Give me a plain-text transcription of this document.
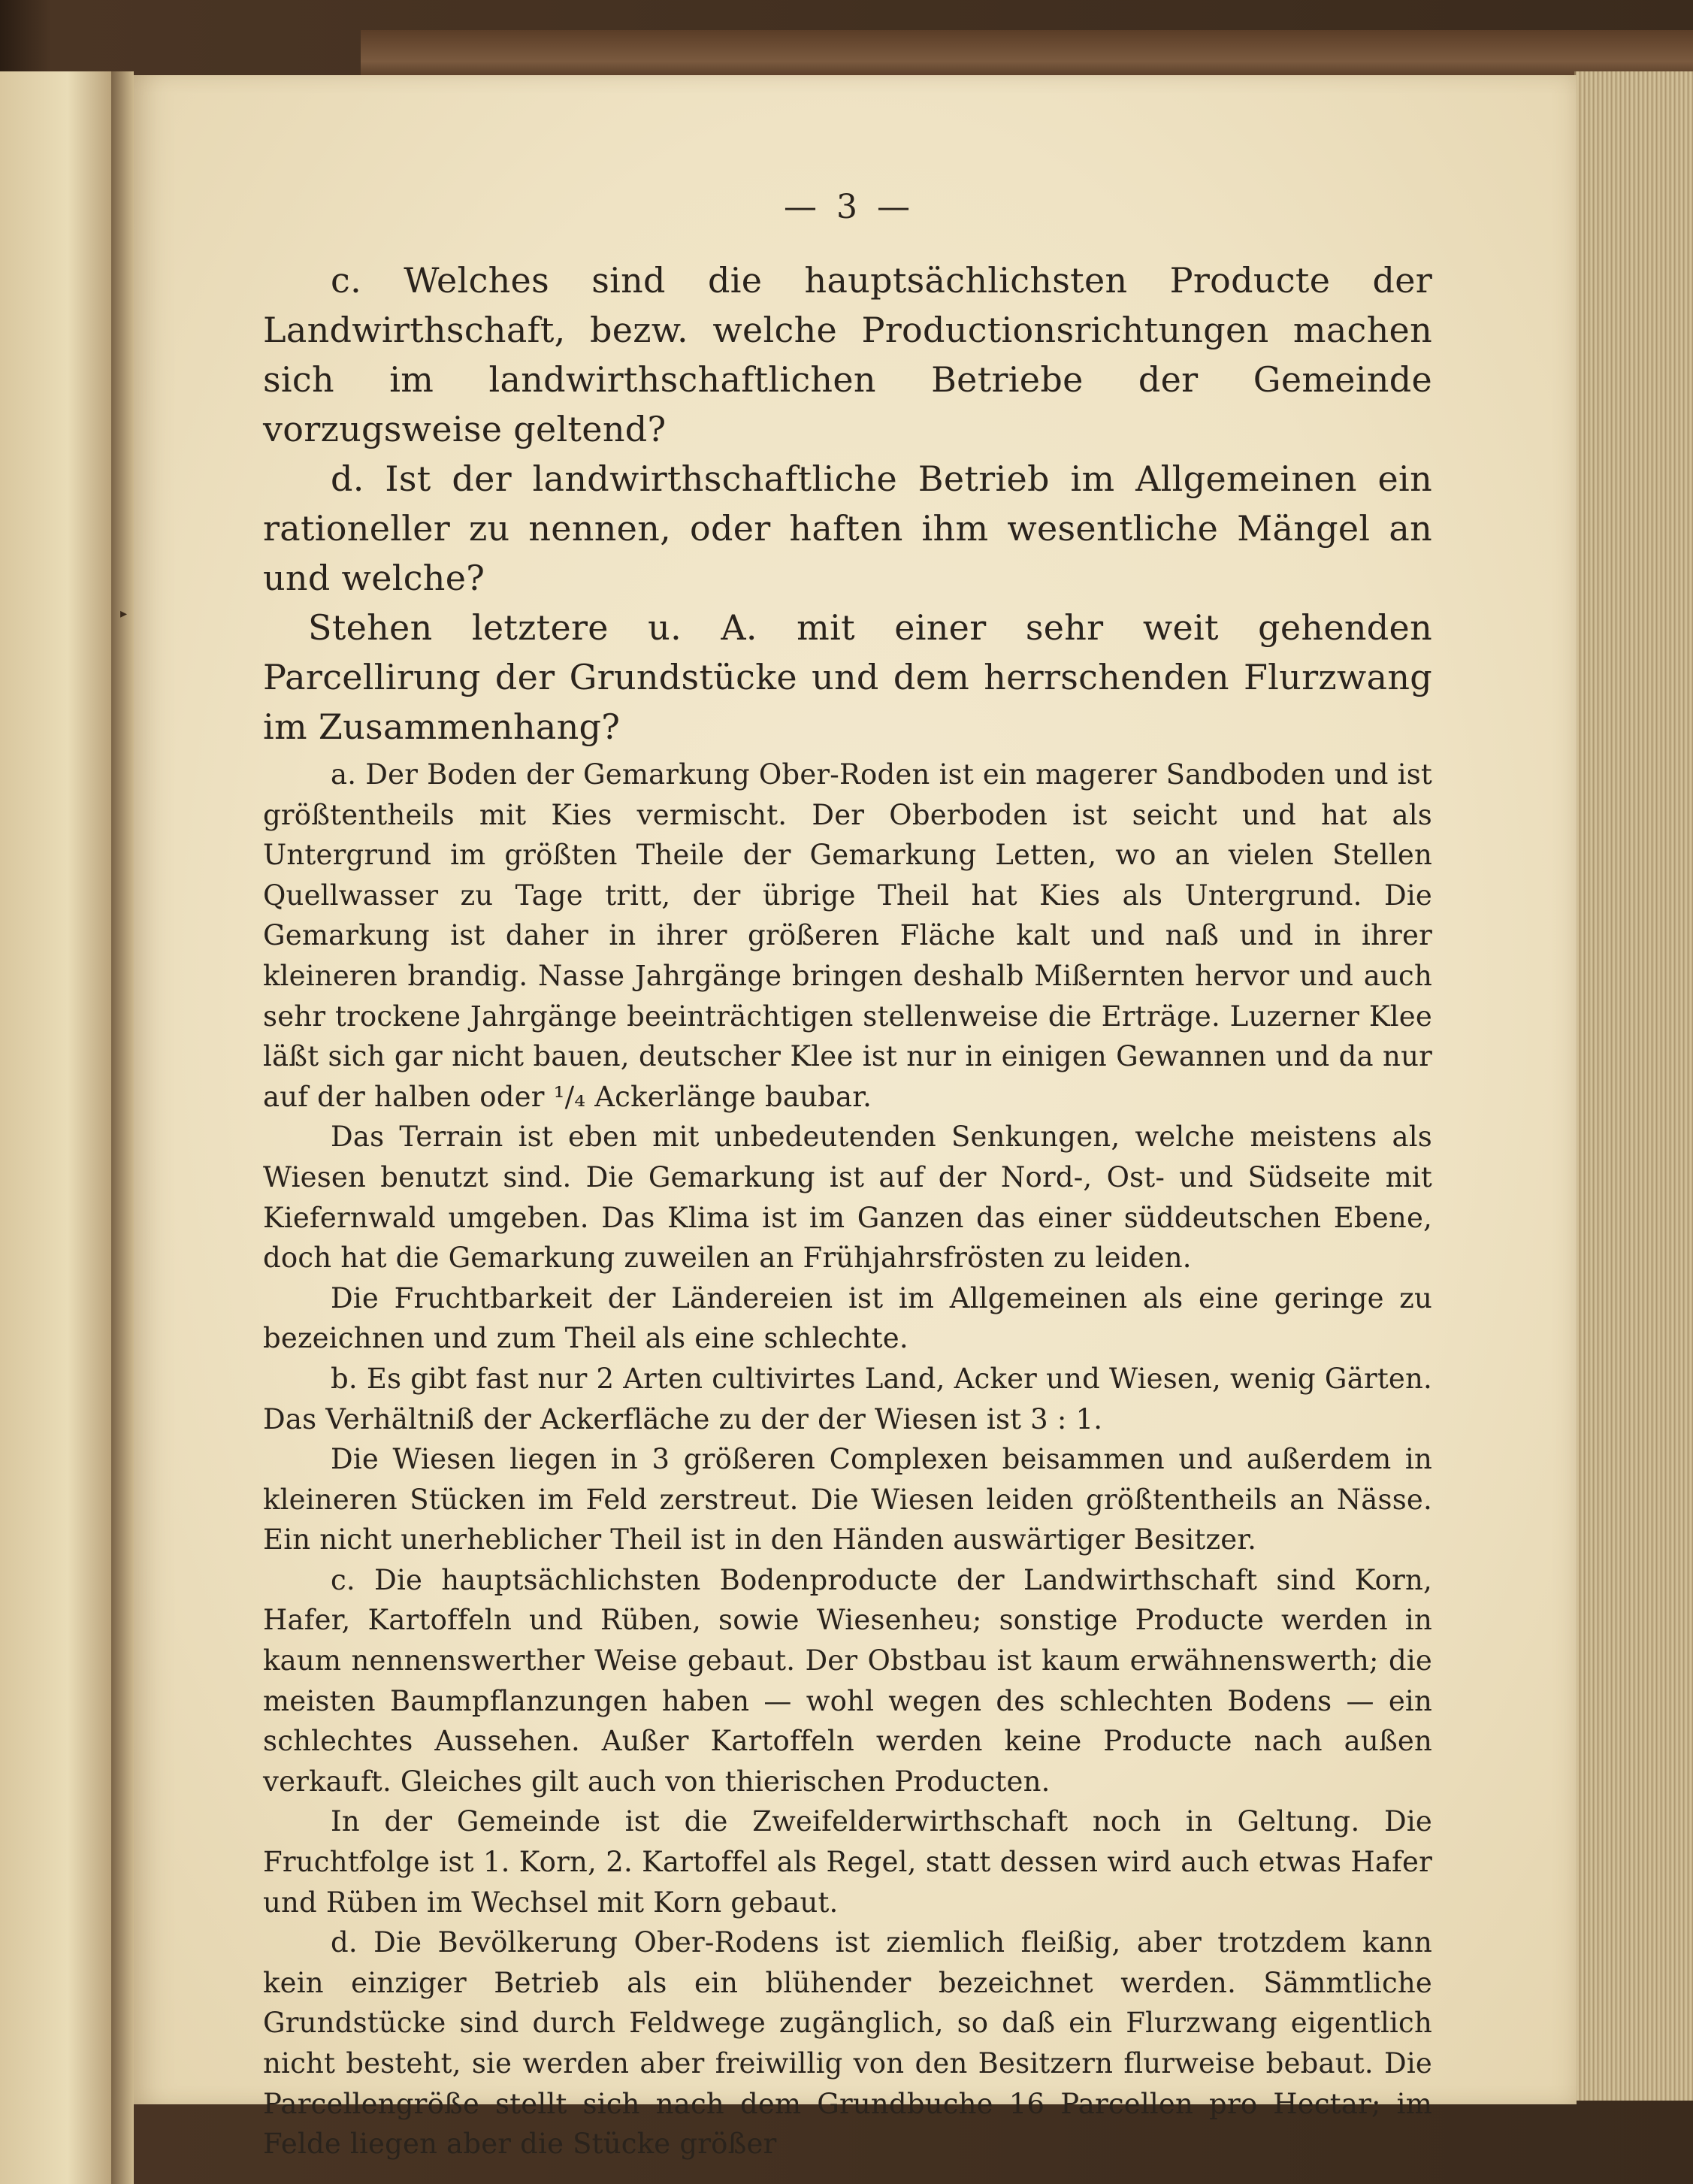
▸
— 3 —

c. Welches sind die hauptsächlichsten Producte der Landwirthschaft, bezw. welche Productionsrichtungen machen sich im landwirthschaftlichen Betriebe der Gemeinde vorzugsweise geltend?

d. Ist der landwirthschaftliche Betrieb im Allgemeinen ein rationeller zu nennen, oder haften ihm wesentliche Mängel an und welche?

Stehen letztere u. A. mit einer sehr weit gehenden Parcellirung der Grundstücke und dem herrschenden Flurzwang im Zusammenhang?

a. Der Boden der Gemarkung Ober-Roden ist ein magerer Sandboden und ist größtentheils mit Kies vermischt. Der Oberboden ist seicht und hat als Untergrund im größten Theile der Gemarkung Letten, wo an vielen Stellen Quellwasser zu Tage tritt, der übrige Theil hat Kies als Untergrund. Die Gemarkung ist daher in ihrer größeren Fläche kalt und naß und in ihrer kleineren brandig. Nasse Jahrgänge bringen deshalb Mißernten hervor und auch sehr trockene Jahrgänge beeinträchtigen stellenweise die Erträge. Luzerner Klee läßt sich gar nicht bauen, deutscher Klee ist nur in einigen Gewannen und da nur auf der halben oder ¹/₄ Ackerlänge baubar.

Das Terrain ist eben mit unbedeutenden Senkungen, welche meistens als Wiesen benutzt sind. Die Gemarkung ist auf der Nord-, Ost- und Südseite mit Kiefernwald umgeben. Das Klima ist im Ganzen das einer süddeutschen Ebene, doch hat die Gemarkung zuweilen an Frühjahrsfrösten zu leiden.

Die Fruchtbarkeit der Ländereien ist im Allgemeinen als eine geringe zu bezeichnen und zum Theil als eine schlechte.

b. Es gibt fast nur 2 Arten cultivirtes Land, Acker und Wiesen, wenig Gärten. Das Verhältniß der Ackerfläche zu der der Wiesen ist 3 : 1.

Die Wiesen liegen in 3 größeren Complexen beisammen und außerdem in kleineren Stücken im Feld zerstreut. Die Wiesen leiden größtentheils an Nässe. Ein nicht unerheblicher Theil ist in den Händen auswärtiger Besitzer.

c. Die hauptsächlichsten Bodenproducte der Landwirthschaft sind Korn, Hafer, Kartoffeln und Rüben, sowie Wiesenheu; sonstige Producte werden in kaum nennenswerther Weise gebaut. Der Obstbau ist kaum erwähnenswerth; die meisten Baumpflanzungen haben — wohl wegen des schlechten Bodens — ein schlechtes Aussehen. Außer Kartoffeln werden keine Producte nach außen verkauft. Gleiches gilt auch von thierischen Producten.

In der Gemeinde ist die Zweifelderwirthschaft noch in Geltung. Die Fruchtfolge ist 1. Korn, 2. Kartoffel als Regel, statt dessen wird auch etwas Hafer und Rüben im Wechsel mit Korn gebaut.

d. Die Bevölkerung Ober-Rodens ist ziemlich fleißig, aber trotzdem kann kein einziger Betrieb als ein blühender bezeichnet werden. Sämmtliche Grundstücke sind durch Feldwege zugänglich, so daß ein Flurzwang eigentlich nicht besteht, sie werden aber freiwillig von den Besitzern flurweise bebaut. Die Parcellengröße stellt sich nach dem Grundbuche 16 Parcellen pro Hectar; im Felde liegen aber die Stücke größer
